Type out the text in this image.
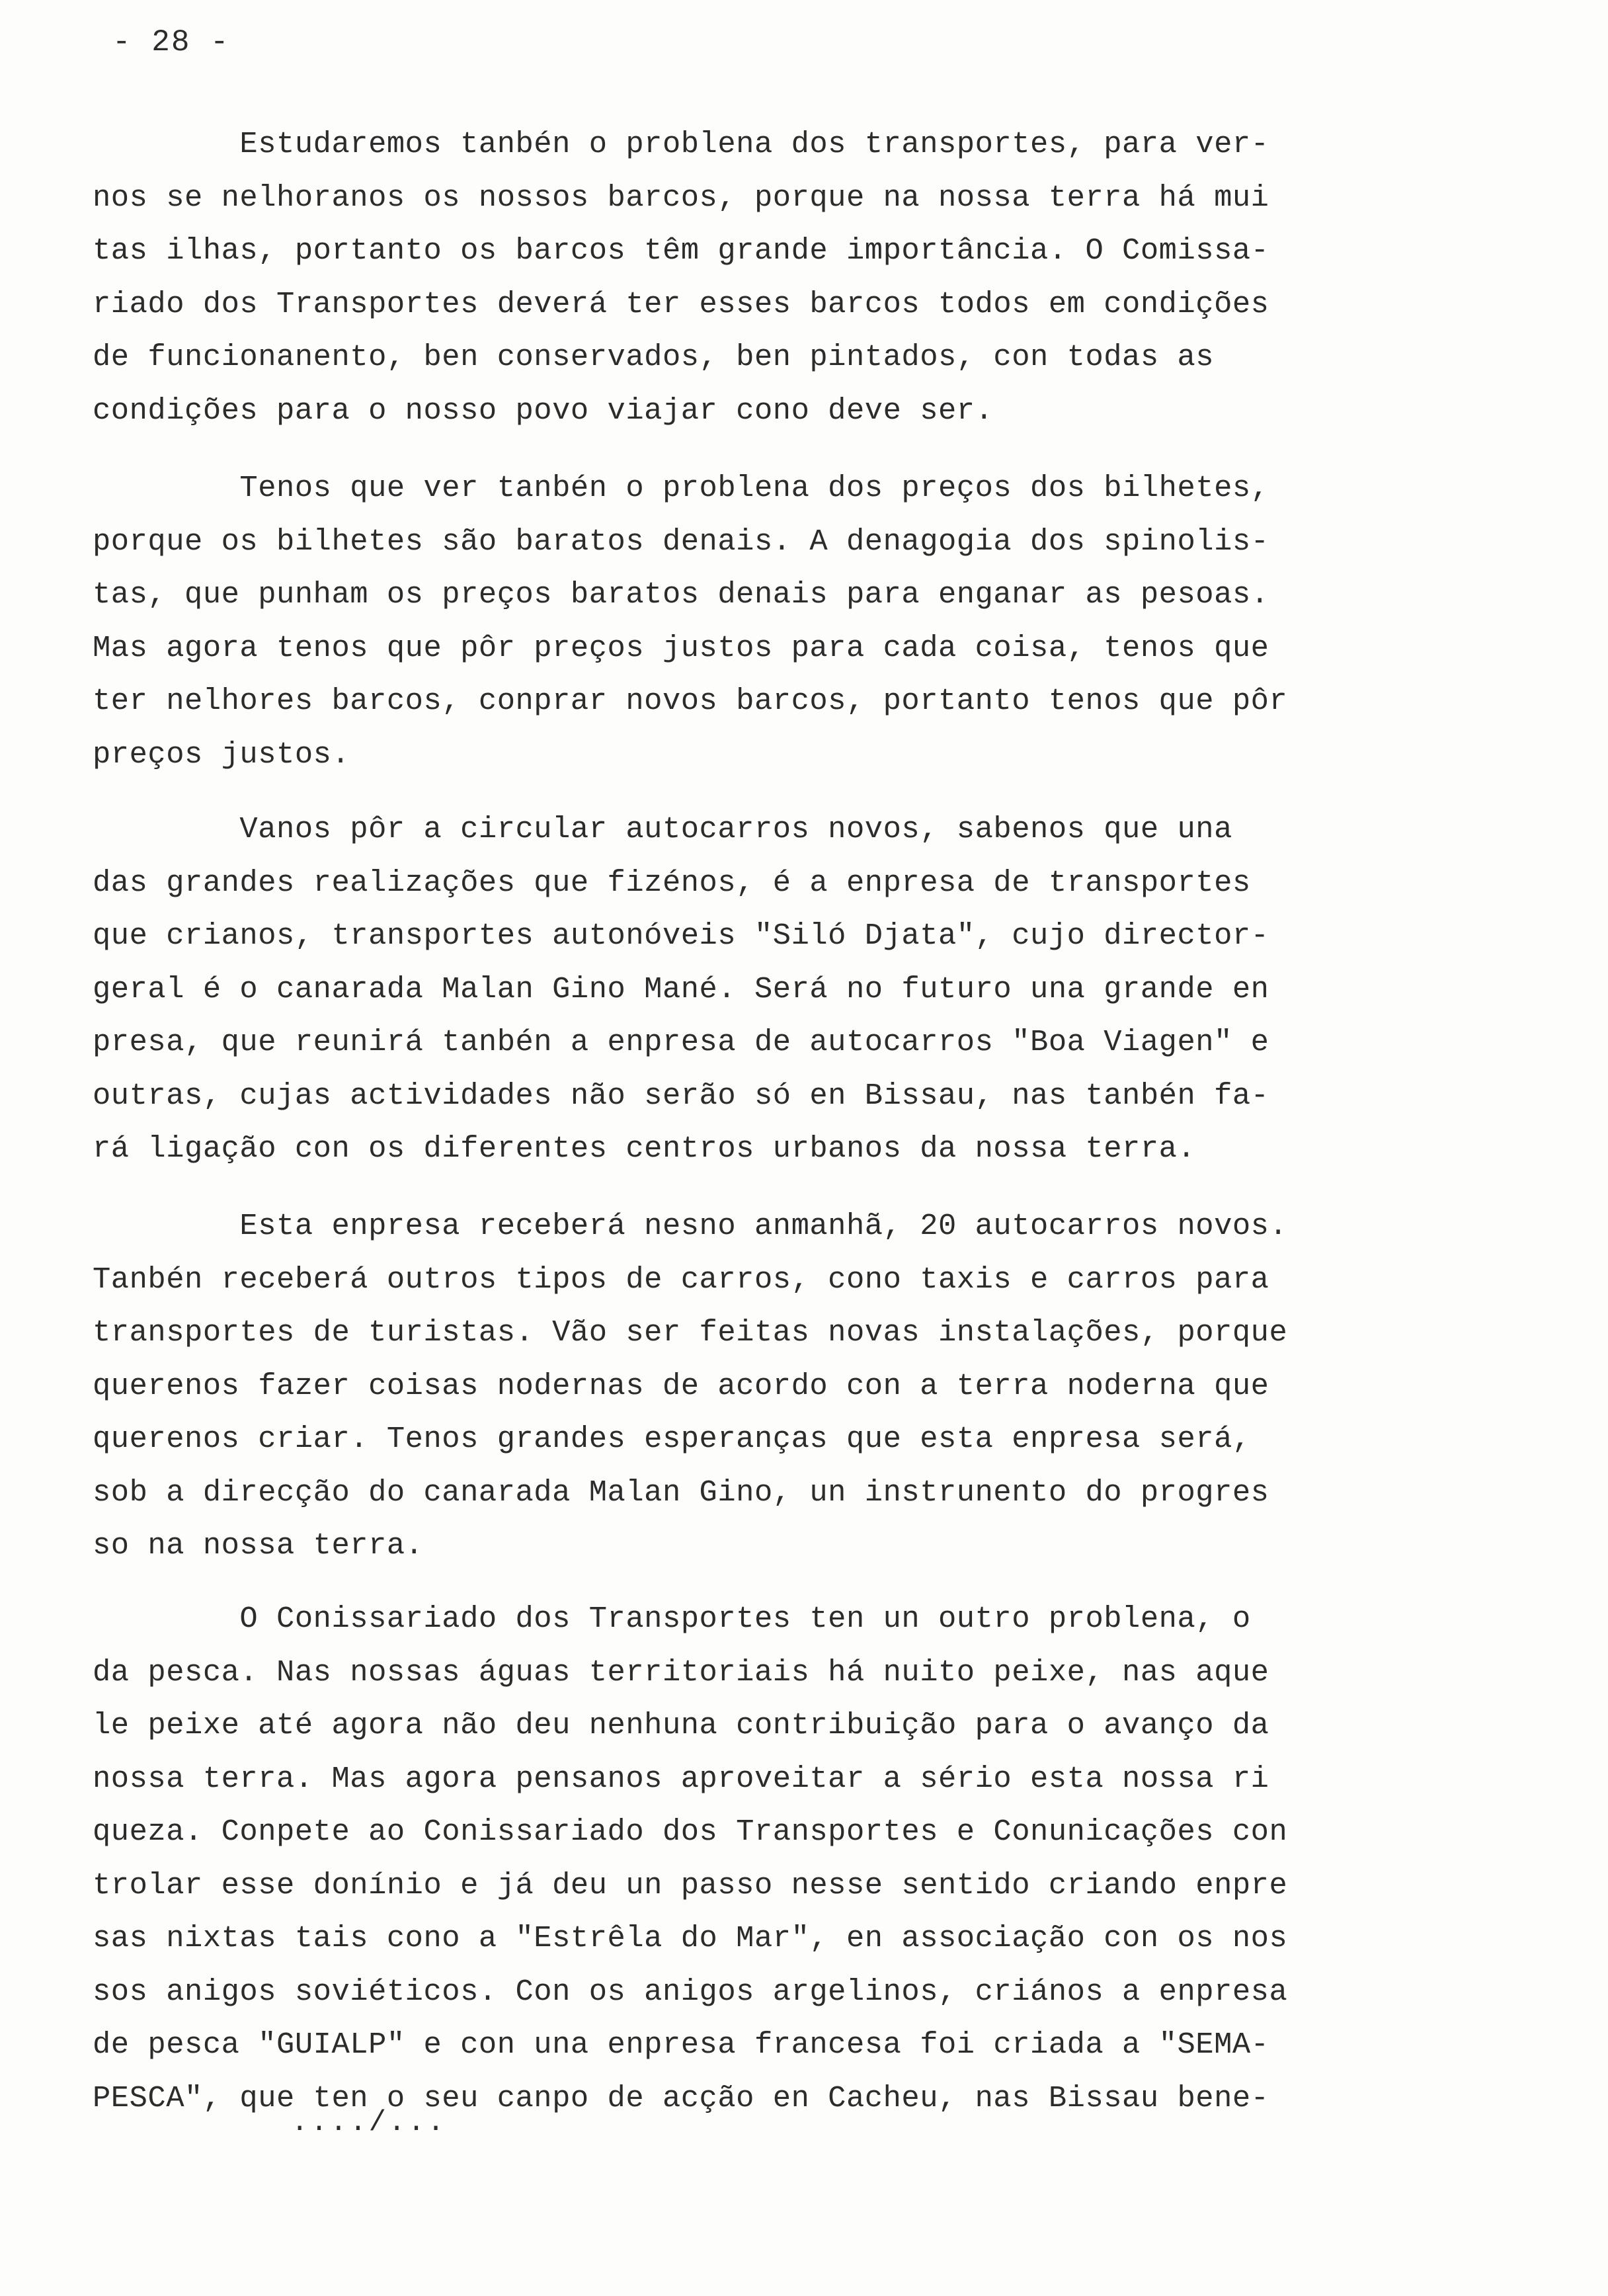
- 28 -
Estudaremos tanbén o problena dos transportes, para ver-
nos se nelhoranos os nossos barcos, porque na nossa terra há mui
tas ilhas, portanto os barcos têm grande importância. O Comissa-
riado dos Transportes deverá ter esses barcos todos em condições
de funcionanento, ben conservados, ben pintados, con todas as
condições para o nosso povo viajar cono deve ser.
Tenos que ver tanbén o problena dos preços dos bilhetes,
porque os bilhetes são baratos denais. A denagogia dos spinolis-
tas, que punham os preços baratos denais para enganar as pesoas.
Mas agora tenos que pôr preços justos para cada coisa, tenos que
ter nelhores barcos, conprar novos barcos, portanto tenos que pôr
preços justos.
Vanos pôr a circular autocarros novos, sabenos que una
das grandes realizações que fizénos, é a enpresa de transportes
que crianos, transportes autonóveis "Siló Djata", cujo director-
geral é o canarada Malan Gino Mané. Será no futuro una grande en
presa, que reunirá tanbén a enpresa de autocarros "Boa Viagen" e
outras, cujas actividades não serão só en Bissau, nas tanbén fa-
rá ligação con os diferentes centros urbanos da nossa terra.
Esta enpresa receberá nesno anmanhã, 20 autocarros novos.
Tanbén receberá outros tipos de carros, cono taxis e carros para
transportes de turistas. Vão ser feitas novas instalações, porque
querenos fazer coisas nodernas de acordo con a terra noderna que
querenos criar. Tenos grandes esperanças que esta enpresa será,
sob a direcção do canarada Malan Gino, un instrunento do progres
so na nossa terra.
O Conissariado dos Transportes ten un outro problena, o
da pesca. Nas nossas águas territoriais há nuito peixe, nas aque
le peixe até agora não deu nenhuna contribuição para o avanço da
nossa terra. Mas agora pensanos aproveitar a sério esta nossa ri
queza. Conpete ao Conissariado dos Transportes e Conunicações con
trolar esse donínio e já deu un passo nesse sentido criando enpre
sas nixtas tais cono a "Estrêla do Mar", en associação con os nos
sos anigos soviéticos. Con os anigos argelinos, criános a enpresa
de pesca "GUIALP" e con una enpresa francesa foi criada a "SEMA-
PESCA", que ten o seu canpo de acção en Cacheu, nas Bissau bene-
..../...
